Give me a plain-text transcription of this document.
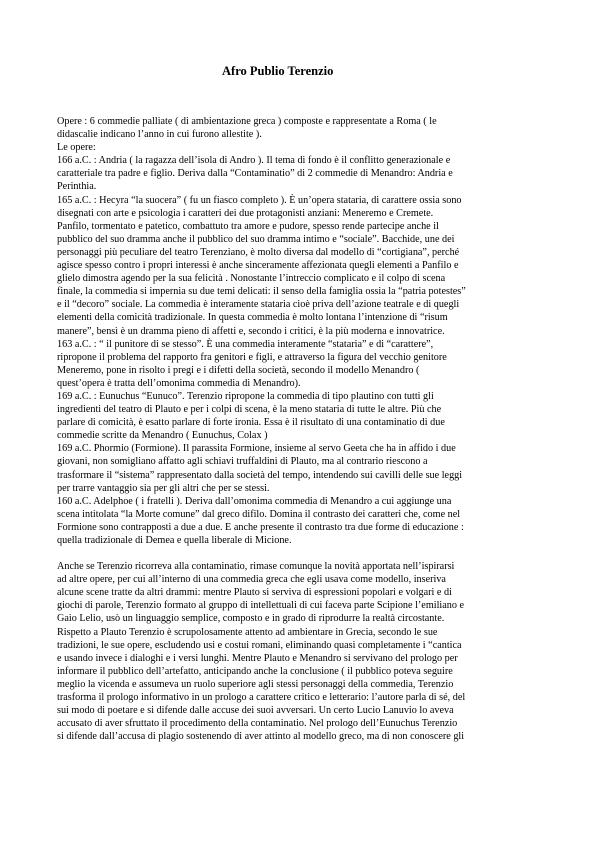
Afro Publio Terenzio
Opere : 6 commedie palliate ( di ambientazione greca ) composte e rappresentate a Roma ( le
didascalie indicano l’anno in cui furono allestite ).
Le opere:
166 a.C. : Andria ( la ragazza dell’isola di Andro ). Il tema di fondo è il conflitto generazionale e
caratteriale tra padre e figlio. Deriva dalla “Contaminatio” di 2 commedie di Menandro: Andria e
Perinthia.
165 a.C. : Hecyra “la suocera” ( fu un fiasco completo ). È un’opera stataria, di carattere ossia sono
disegnati con arte e psicologia i caratteri dei due protagonisti anziani: Meneremo e Cremete.
Panfilo, tormentato e patetico, combattuto tra amore e pudore, spesso rende partecipe anche il
pubblico del suo dramma anche il pubblico del suo dramma intimo e “sociale”. Bacchide, une dei
personaggi più peculiare del teatro Terenziano, è molto diversa dal modello di “cortigiana”, perché
agisce spesso contro i propri interessi è anche sinceramente affezionata quegli elementi a Panfilo e
glielo dimostra agendo per la sua felicità . Nonostante l’intreccio complicato e il colpo di scena
finale, la commedia si impernia su due temi delicati: il senso della famiglia ossia la “patria potestes”
e il “decoro” sociale. La commedia è interamente stataria cioè priva dell’azione teatrale e di quegli
elementi della comicità tradizionale. In questa commedia è molto lontana l’intenzione di “risum
manere”, bensì è un dramma pieno di affetti e, secondo i critici, è la più moderna e innovatrice.
163 a.C. : “ il punitore di se stesso”. È una commedia interamente “stataria” e di “carattere”,
ripropone il problema del rapporto fra genitori e figli, e attraverso la figura del vecchio genitore
Meneremo, pone in risolto i pregi e i difetti della società, secondo il modello Menandro (
quest’opera è tratta dell’omonima commedia di Menandro).
169 a.C. : Eunuchus “Eunuco”. Terenzio ripropone la commedia di tipo plautino con tutti gli
ingredienti del teatro di Plauto e per i colpi di scena, è la meno stataria di tutte le altre. Più che
parlare di comicità, è esatto parlare di forte ironia. Essa è il risultato di una contaminatio di due
commedie scritte da Menandro ( Eunuchus, Colax )
169 a.C. Phormio (Formione). Il parassita Formione, insieme al servo Geeta che ha in affido i due
giovani, non somigliano affatto agli schiavi truffaldini di Plauto, ma al contrario riescono a
trasformare il “sistema” rappresentato dalla società del tempo, intendendo sui cavilli delle sue leggi
per trarre vantaggio sia per gli altri che per se stessi.
160 a.C. Adelphoe ( i fratelli ). Deriva dall’omonima commedia di Menandro a cui aggiunge una
scena intitolata “la Morte comune” dal greco difilo. Domina il contrasto dei caratteri che, come nel
Formione sono contrapposti a due a due. E anche presente il contrasto tra due forme di educazione :
quella tradizionale di Demea e quella liberale di Micione.
Anche se Terenzio ricorreva alla contaminatio, rimase comunque la novità apportata nell’ispirarsi
ad altre opere, per cui all’interno di una commedia greca che egli usava come modello, inseriva
alcune scene tratte da altri drammi: mentre Plauto si serviva di espressioni popolari e volgari e di
giochi di parole, Terenzio formato al gruppo di intellettuali di cui faceva parte Scipione l’emiliano e
Gaio Lelio, usò un linguaggio semplice, composto e in grado di riprodurre la realtà circostante.
Rispetto a Plauto Terenzio è scrupolosamente attento ad ambientare in Grecia, secondo le sue
tradizioni, le sue opere, escludendo usi e costui romani, eliminando quasi completamente i “cantica
e usando invece i dialoghi e i versi lunghi. Mentre Plauto e Menandro si servivano del prologo per
informare il pubblico dell’artefatto, anticipando anche la conclusione ( il pubblico poteva seguire
meglio la vicenda e assumeva un ruolo superiore agli stessi personaggi della commedia, Terenzio
trasforma il prologo informativo in un prologo a carattere critico e letterario: l’autore parla di sé, del
sui modo di poetare e si difende dalle accuse dei suoi avversari. Un certo Lucio Lanuvio lo aveva
accusato di aver sfruttato il procedimento della contaminatio. Nel prologo dell’Eunuchus Terenzio
si difende dall’accusa di plagio sostenendo di aver attinto al modello greco, ma di non conoscere gli
